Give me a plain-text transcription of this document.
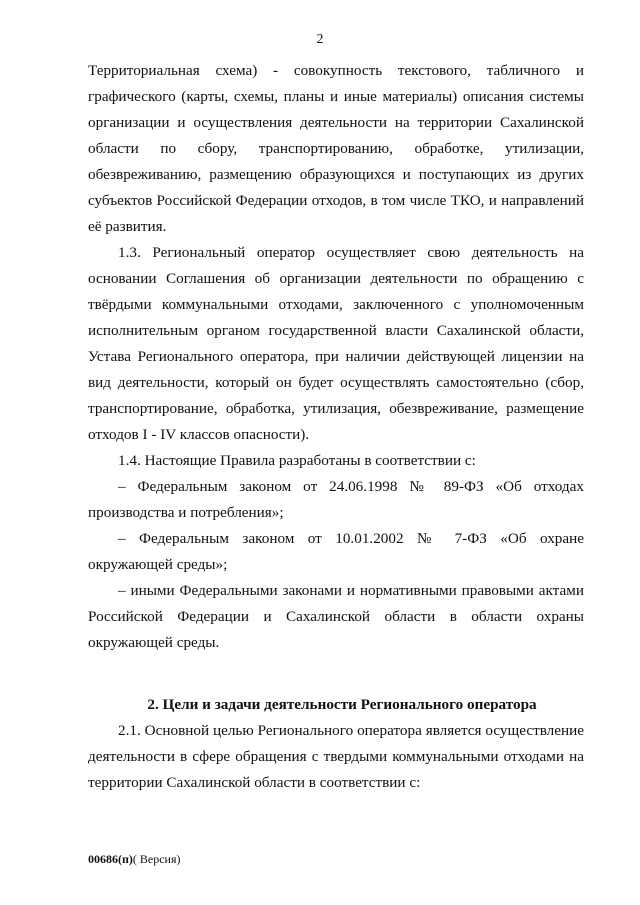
2

Территориальная схема) - совокупность текстового, табличного и графического (карты, схемы, планы и иные материалы) описания системы организации и осуществления деятельности на территории Сахалинской области по сбору, транспортированию, обработке, утилизации, обезвреживанию, размещению образующихся и поступающих из других субъектов Российской Федерации отходов, в том числе ТКО, и направлений её развития.

1.3. Региональный оператор осуществляет свою деятельность на основании Соглашения об организации деятельности по обращению с твёрдыми коммунальными отходами, заключенного с уполномоченным исполнительным органом государственной власти Сахалинской области, Устава Регионального оператора, при наличии действующей лицензии на вид деятельности, который он будет осуществлять самостоятельно (сбор, транспортирование, обработка, утилизация, обезвреживание, размещение отходов I - IV классов опасности).

1.4. Настоящие Правила разработаны в соответствии с:

– Федеральным законом от 24.06.1998 № 89-ФЗ «Об отходах производства и потребления»;

– Федеральным законом от 10.01.2002 № 7-ФЗ «Об охране окружающей среды»;

– иными Федеральными законами и нормативными правовыми актами Российской Федерации и Сахалинской области в области охраны окружающей среды.

2. Цели и задачи деятельности Регионального оператора

2.1. Основной целью Регионального оператора является осуществление деятельности в сфере обращения с твердыми коммунальными отходами на территории Сахалинской области в соответствии с:

00686(п)( Версия)
